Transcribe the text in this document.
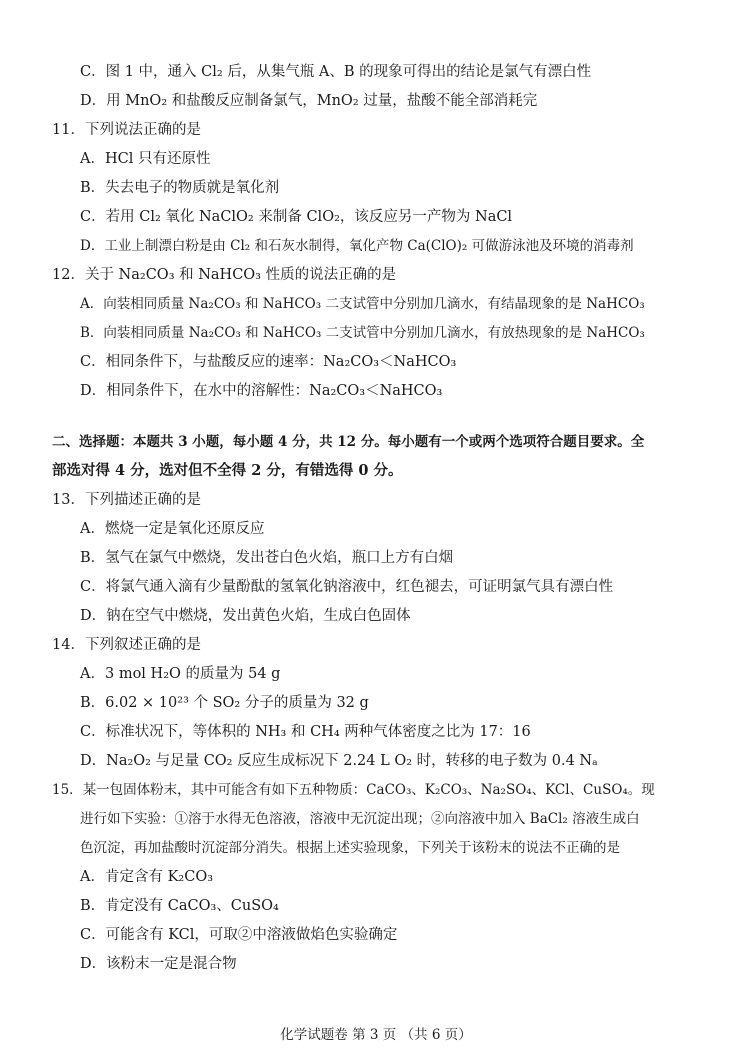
C．图 1 中，通入 Cl₂ 后，从集气瓶 A、B 的现象可得出的结论是氯气有漂白性
D．用 MnO₂ 和盐酸反应制备氯气，MnO₂ 过量，盐酸不能全部消耗完
11．下列说法正确的是
A．HCl 只有还原性
B．失去电子的物质就是氧化剂
C．若用 Cl₂ 氧化 NaClO₂ 来制备 ClO₂，该反应另一产物为 NaCl
D．工业上制漂白粉是由 Cl₂ 和石灰水制得，氧化产物 Ca(ClO)₂ 可做游泳池及环境的消毒剂
12．关于 Na₂CO₃ 和 NaHCO₃ 性质的说法正确的是
A．向装相同质量 Na₂CO₃ 和 NaHCO₃ 二支试管中分别加几滴水，有结晶现象的是 NaHCO₃
B．向装相同质量 Na₂CO₃ 和 NaHCO₃ 二支试管中分别加几滴水，有放热现象的是 NaHCO₃
C．相同条件下，与盐酸反应的速率：Na₂CO₃＜NaHCO₃
D．相同条件下，在水中的溶解性：Na₂CO₃＜NaHCO₃
二、选择题：本题共 3 小题，每小题 4 分，共 12 分。每小题有一个或两个选项符合题目要求。全
部选对得 4 分，选对但不全得 2 分，有错选得 0 分。
13．下列描述正确的是
A．燃烧一定是氧化还原反应
B．氢气在氯气中燃烧，发出苍白色火焰，瓶口上方有白烟
C．将氯气通入滴有少量酚酞的氢氧化钠溶液中，红色褪去，可证明氯气具有漂白性
D．钠在空气中燃烧，发出黄色火焰，生成白色固体
14．下列叙述正确的是
A．3 mol H₂O 的质量为 54 g
B．6.02 × 10²³ 个 SO₂ 分子的质量为 32 g
C．标准状况下，等体积的 NH₃ 和 CH₄ 两种气体密度之比为 17：16
D．Na₂O₂ 与足量 CO₂ 反应生成标况下 2.24 L O₂ 时，转移的电子数为 0.4 Nₐ
15．某一包固体粉末，其中可能含有如下五种物质：CaCO₃、K₂CO₃、Na₂SO₄、KCl、CuSO₄。现
进行如下实验：①溶于水得无色溶液，溶液中无沉淀出现；②向溶液中加入 BaCl₂ 溶液生成白
色沉淀，再加盐酸时沉淀部分消失。根据上述实验现象，下列关于该粉末的说法不正确的是
A．肯定含有 K₂CO₃
B．肯定没有 CaCO₃、CuSO₄
C．可能含有 KCl，可取②中溶液做焰色实验确定
D．该粉末一定是混合物
化学试题卷 第 3 页 （共 6 页）
